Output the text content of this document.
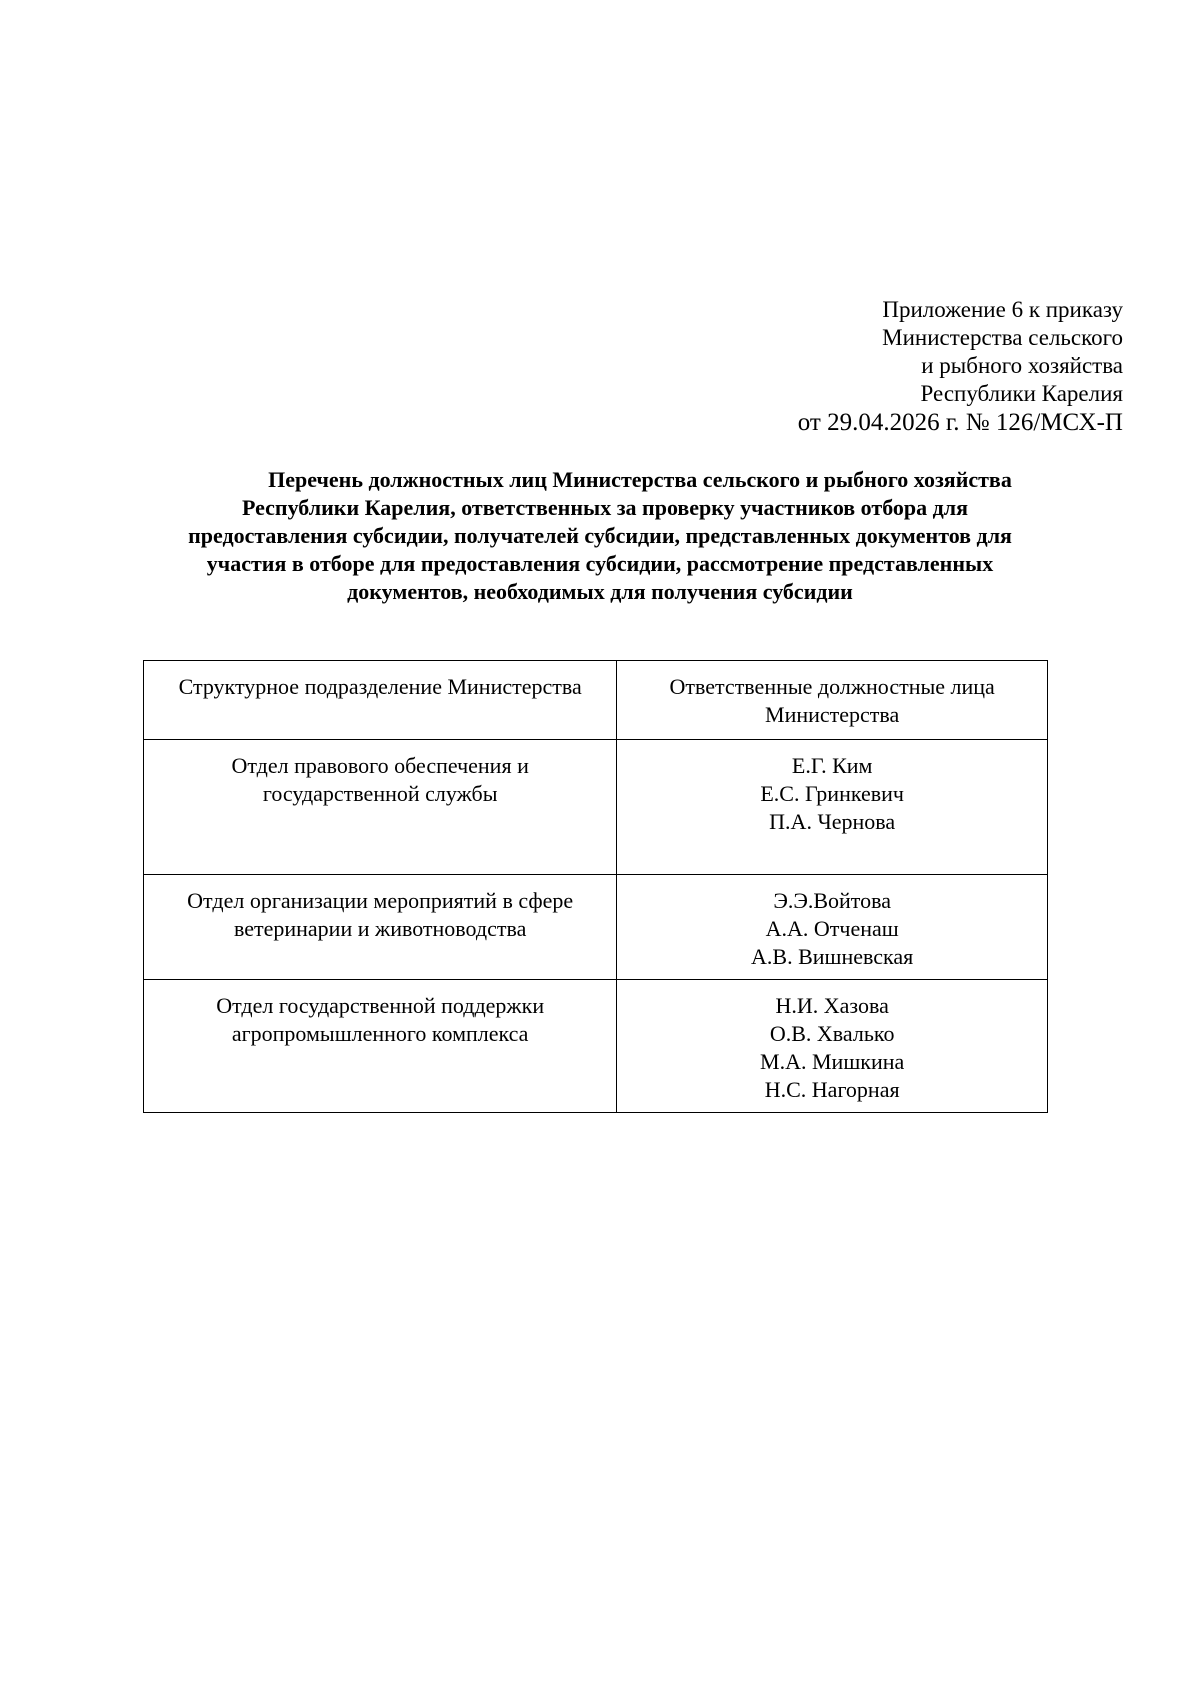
Приложение 6 к приказу
Министерства сельского
и рыбного хозяйства
Республики Карелия
от 29.04.2026 г. № 126/МСХ-П
Перечень должностных лиц Министерства сельского и рыбного хозяйства
Республики Карелия, ответственных за проверку участников отбора для
предоставления субсидии, получателей субсидии, представленных документов для
участия в отборе для предоставления субсидии, рассмотрение представленных
документов, необходимых для получения субсидии
Структурное подразделение Министерства	Ответственные должностные лица
Министерства

Отдел правового обеспечения и
государственной службы	Е.Г. Ким
Е.С. Гринкевич
П.А. Чернова

Отдел организации мероприятий в сфере
ветеринарии и животноводства	Э.Э.Войтова
А.А. Отченаш
А.В. Вишневская

Отдел государственной поддержки
агропромышленного комплекса	Н.И. Хазова
О.В. Хвалько
М.А. Мишкина
Н.С. Нагорная
